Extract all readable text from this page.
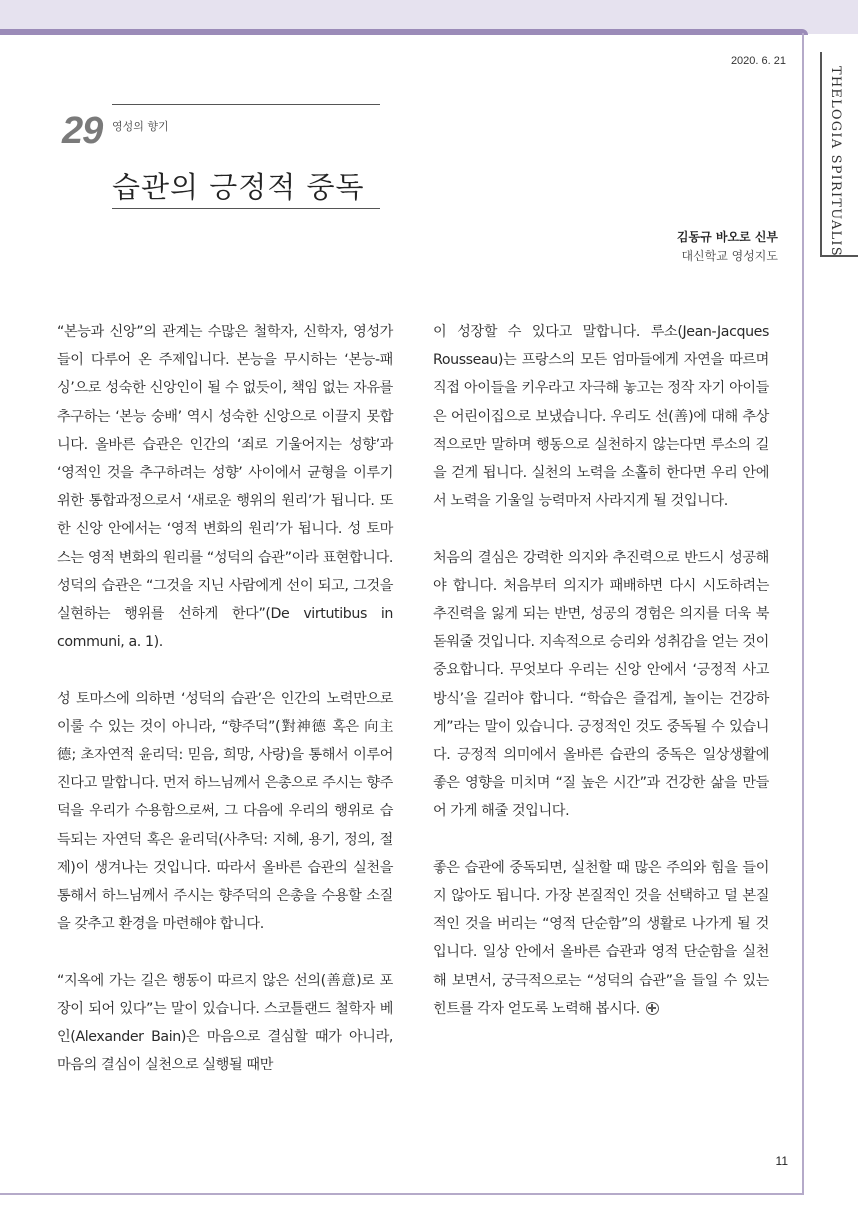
THELOGIA SPIRITUALIS
2020. 6. 21
29 영성의 향기
습관의 긍정적 중독
김동규 바오로 신부
대신학교 영성지도

“본능과 신앙”의 관계는 수많은 철학자, 신학자, 영성가들이 다루어 온 주제입니다. 본능을 무시하는 ‘본능-패싱’으로 성숙한 신앙인이 될 수 없듯이, 책임 없는 자유를 추구하는 ‘본능 숭배’ 역시 성숙한 신앙으로 이끌지 못합니다. 올바른 습관은 인간의 ‘죄로 기울어지는 성향’과 ‘영적인 것을 추구하려는 성향’ 사이에서 균형을 이루기 위한 통합과정으로서 ‘새로운 행위의 원리’가 됩니다. 또한 신앙 안에서는 ‘영적 변화의 원리’가 됩니다. 성 토마스는 영적 변화의 원리를 “성덕의 습관”이라 표현합니다. 성덕의 습관은 “그것을 지닌 사람에게 선이 되고, 그것을 실현하는 행위를 선하게 한다”(De virtutibus in communi, a. 1).

성 토마스에 의하면 ‘성덕의 습관’은 인간의 노력만으로 이룰 수 있는 것이 아니라, “향주덕”(對神德 혹은 向主德; 초자연적 윤리덕: 믿음, 희망, 사랑)을 통해서 이루어진다고 말합니다. 먼저 하느님께서 은총으로 주시는 향주덕을 우리가 수용함으로써, 그 다음에 우리의 행위로 습득되는 자연덕 혹은 윤리덕(사추덕: 지혜, 용기, 정의, 절제)이 생겨나는 것입니다. 따라서 올바른 습관의 실천을 통해서 하느님께서 주시는 향주덕의 은총을 수용할 소질을 갖추고 환경을 마련해야 합니다.

“지옥에 가는 길은 행동이 따르지 않은 선의(善意)로 포장이 되어 있다”는 말이 있습니다. 스코틀랜드 철학자 베인(Alexander Bain)은 마음으로 결심할 때가 아니라, 마음의 결심이 실천으로 실행될 때만

이 성장할 수 있다고 말합니다. 루소(Jean-Jacques Rousseau)는 프랑스의 모든 엄마들에게 자연을 따르며 직접 아이들을 키우라고 자극해 놓고는 정작 자기 아이들은 어린이집으로 보냈습니다. 우리도 선(善)에 대해 추상적으로만 말하며 행동으로 실천하지 않는다면 루소의 길을 걷게 됩니다. 실천의 노력을 소홀히 한다면 우리 안에서 노력을 기울일 능력마저 사라지게 될 것입니다.

처음의 결심은 강력한 의지와 추진력으로 반드시 성공해야 합니다. 처음부터 의지가 패배하면 다시 시도하려는 추진력을 잃게 되는 반면, 성공의 경험은 의지를 더욱 북돋워줄 것입니다. 지속적으로 승리와 성취감을 얻는 것이 중요합니다. 무엇보다 우리는 신앙 안에서 ‘긍정적 사고방식’을 길러야 합니다. “학습은 즐겁게, 놀이는 건강하게”라는 말이 있습니다. 긍정적인 것도 중독될 수 있습니다. 긍정적 의미에서 올바른 습관의 중독은 일상생활에 좋은 영향을 미치며 “질 높은 시간”과 건강한 삶을 만들어 가게 해줄 것입니다.

좋은 습관에 중독되면, 실천할 때 많은 주의와 힘을 들이지 않아도 됩니다. 가장 본질적인 것을 선택하고 덜 본질적인 것을 버리는 “영적 단순함”의 생활로 나가게 될 것입니다. 일상 안에서 올바른 습관과 영적 단순함을 실천해 보면서, 궁극적으로는 “성덕의 습관”을 들일 수 있는 힌트를 각자 얻도록 노력해 봅시다.

11
